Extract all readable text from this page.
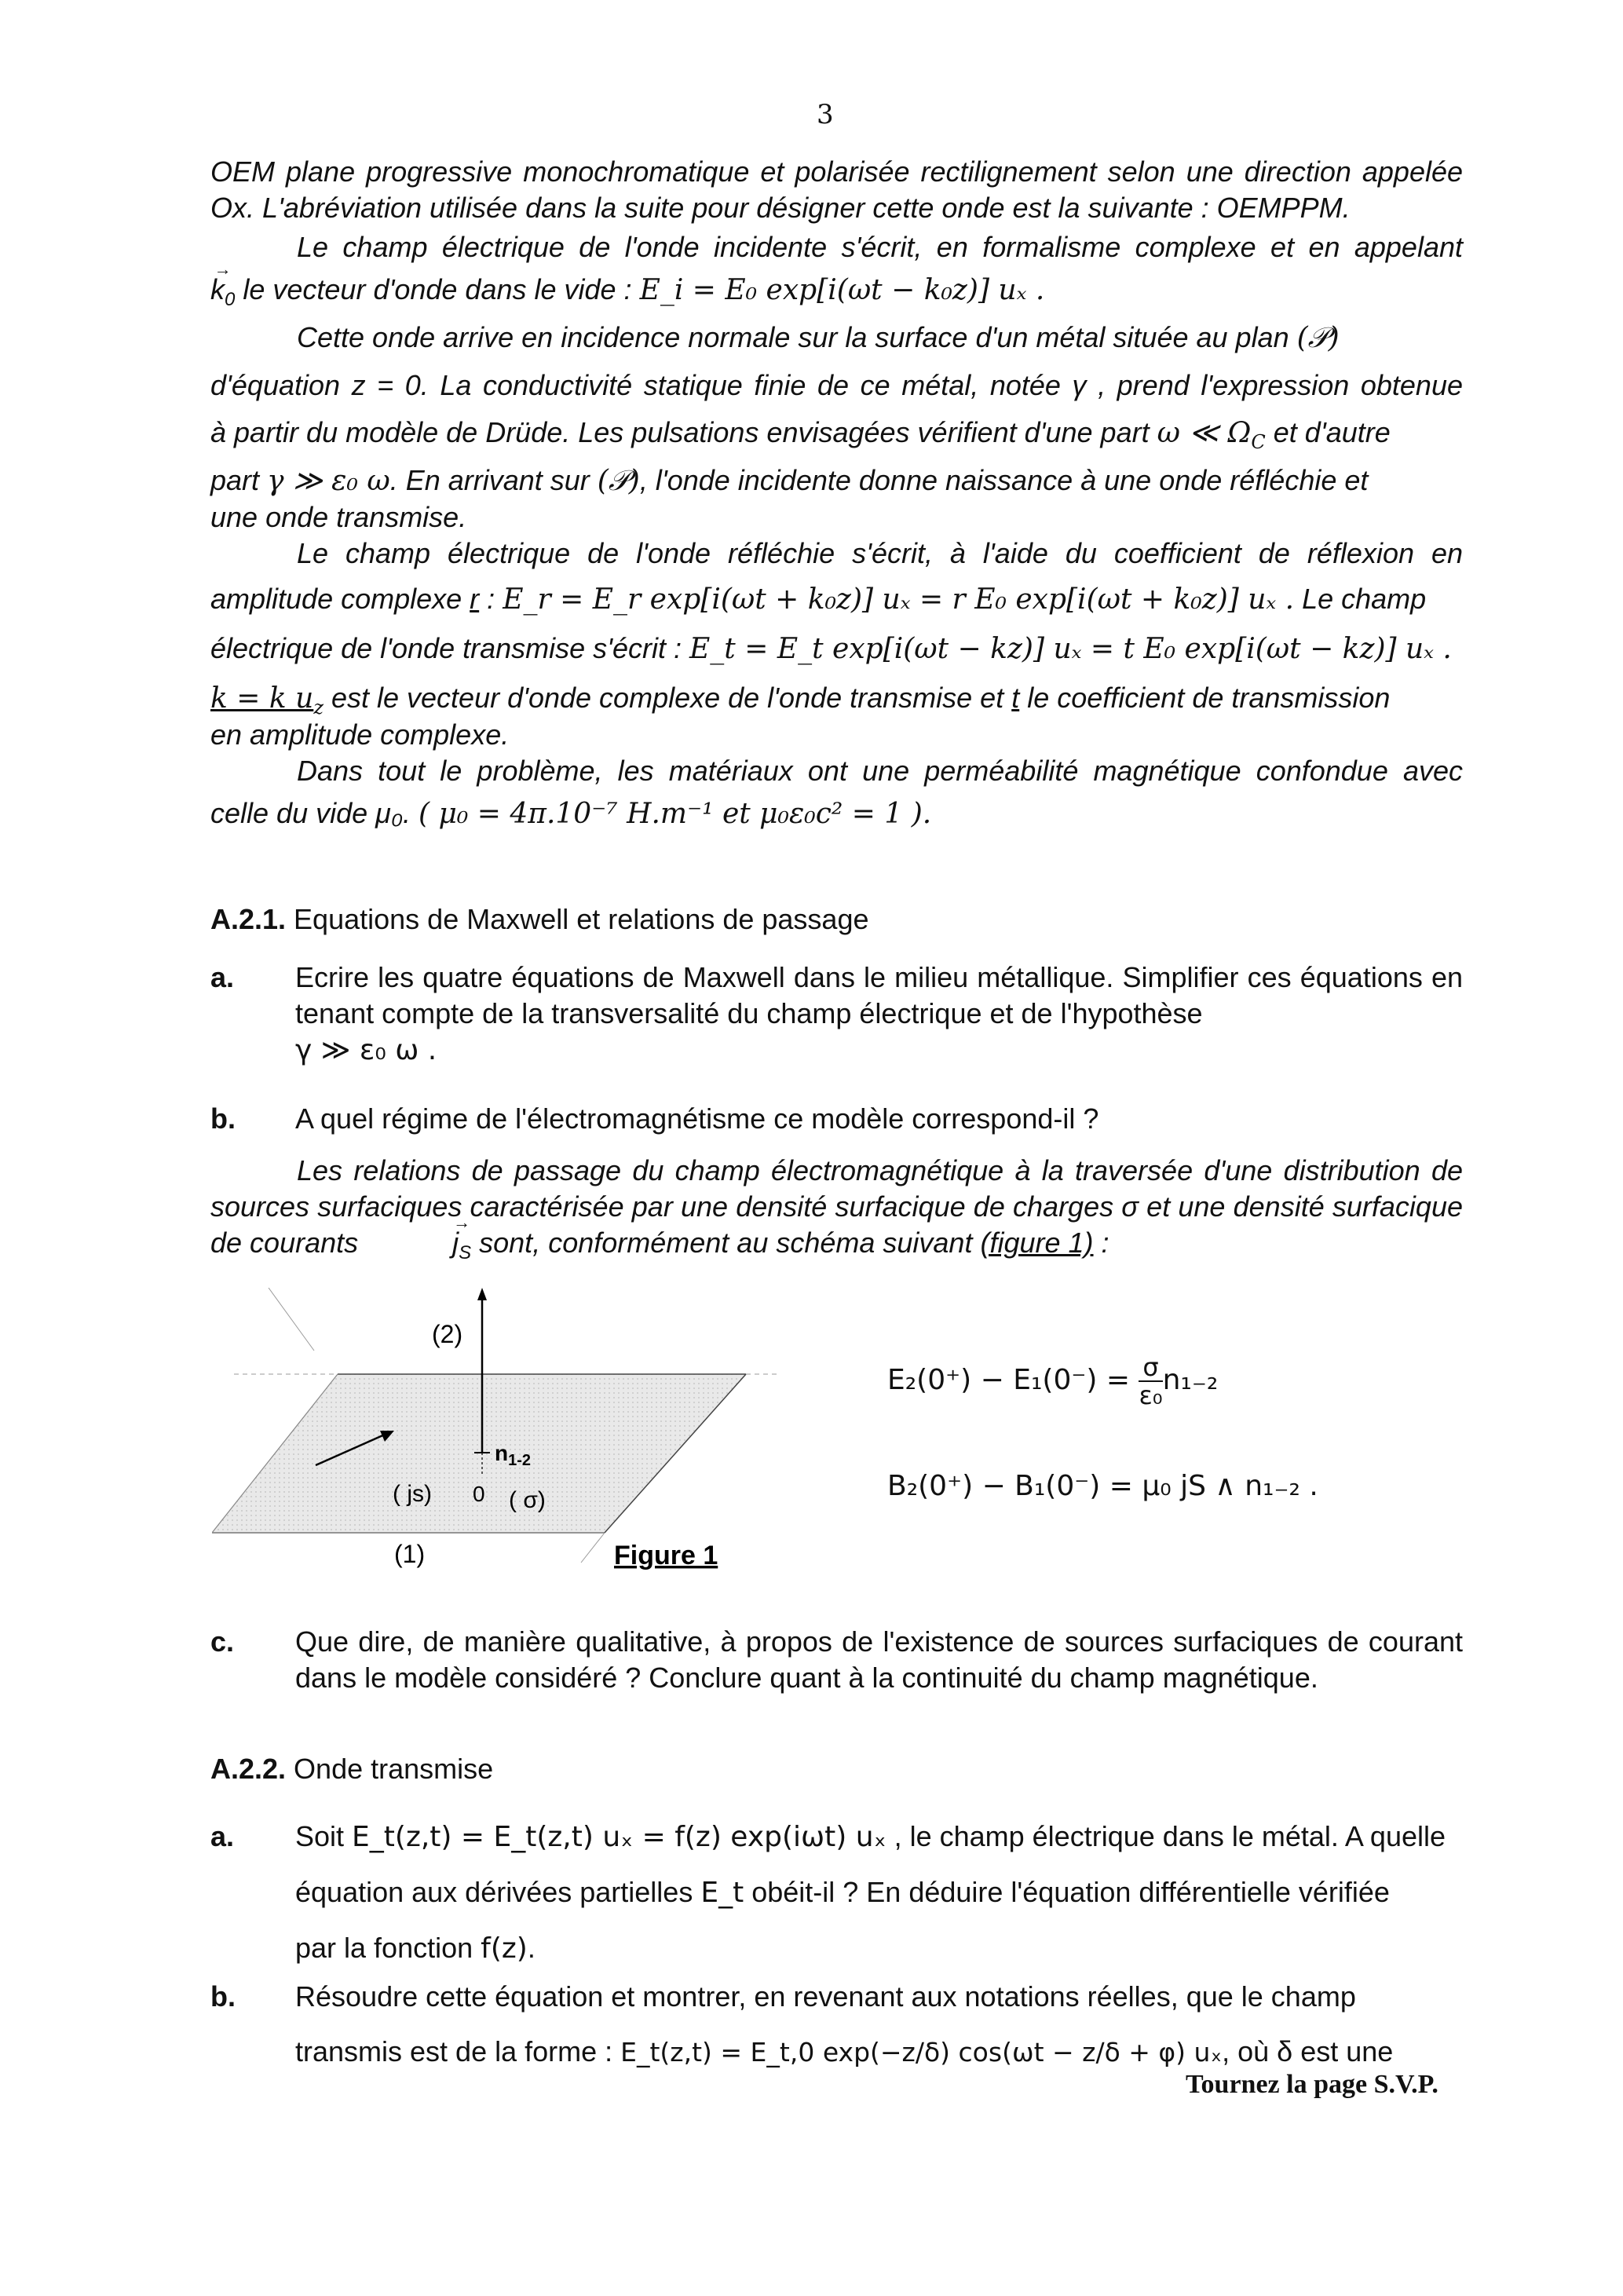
3

OEM plane progressive monochromatique et polarisée rectilignement selon une direction appelée Ox. L'abréviation utilisée dans la suite pour désigner cette onde est la suivante : OEMPPM.

Le champ électrique de l'onde incidente s'écrit, en formalisme complexe et en appelant

→ $k_0$ le vecteur d'onde dans le vide : E_i = E₀ exp[i(ωt − k₀z)] uₓ .

Cette onde arrive en incidence normale sur la surface d'un métal située au plan (𝒫)

d'équation z = 0. La conductivité statique finie de ce métal, notée γ , prend l'expression obtenue

à partir du modèle de Drüde. Les pulsations envisagées vérifient d'une part ω ≪ $\Omega_C$ et d'autre

part γ ≫ ε₀ ω. En arrivant sur (𝒫), l'onde incidente donne naissance à une onde réfléchie et

une onde transmise.

Le champ électrique de l'onde réfléchie s'écrit, à l'aide du coefficient de réflexion en

amplitude complexe r : E_r = E_r exp[i(ωt + k₀z)] uₓ = r E₀ exp[i(ωt + k₀z)] uₓ . Le champ

électrique de l'onde transmise s'écrit : E_t = E_t exp[i(ωt − kz)] uₓ = t E₀ exp[i(ωt − kz)] uₓ .

k = k $u_z$ est le vecteur d'onde complexe de l'onde transmise et t le coefficient de transmission

en amplitude complexe.

Dans tout le problème, les matériaux ont une perméabilité magnétique confondue avec

celle du vide μ₀. ( μ₀ = 4π.10⁻⁷ H.m⁻¹ et μ₀ε₀c² = 1 ).

A.2.1. Equations de Maxwell et relations de passage
a. Ecrire les quatre équations de Maxwell dans le milieu métallique. Simplifier ces équations en tenant compte de la transversalité du champ électrique et de l'hypothèse
γ ≫ ε₀ ω .
b. A quel régime de l'électromagnétisme ce modèle correspond-il ?

Les relations de passage du champ électromagnétique à la traversée d'une distribution de sources surfaciques caractérisée par une densité surfacique de charges σ et une densité surfacique de courants →	$j_S$ sont, conformément au schéma suivant (figure 1) :

(2)
$n_{1-2}$
0
( js)	( σ)
(1)	Figure 1
$E_2(0^+) - E_1(0^-) = \frac{\sigma}{\text{ε₀}} n_{1-2}$
B₂(0⁺) − B₁(0⁻) = μ₀ jS ∧ n₁₋₂ .
c. Que dire, de manière qualitative, à propos de l'existence de sources surfaciques de courant dans le modèle considéré ? Conclure quant à la continuité du champ magnétique.
A.2.2. Onde transmise
a. Soit E_t(z,t) = E_t(z,t) uₓ = f(z) exp(iωt) uₓ , le champ électrique dans le métal. A quelle
équation aux dérivées partielles E_t obéit-il ? En déduire l'équation différentielle vérifiée
par la fonction f(z).
b. Résoudre cette équation et montrer, en revenant aux notations réelles, que le champ
transmis est de la forme : E_t(z,t) = E_t,0 exp(−z/δ) cos(ωt − z/δ + φ) uₓ, où δ est une
Tournez la page S.V.P.
